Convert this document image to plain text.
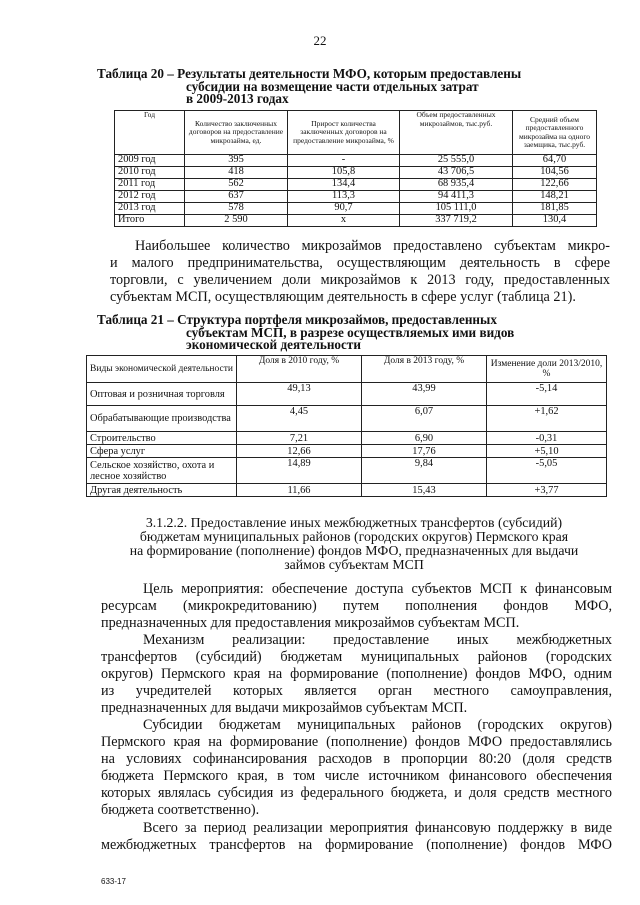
22
Таблица 20 – Результаты деятельности МФО, которым предоставлены
субсидии на возмещение части отдельных затрат
в 2009-2013 годах
Год	Количество заключенных договоров на предоставление микрозайма, ед.	Прирост количества заключенных договоров на предоставление микрозайма, %	Объем предоставленных микрозаймов, тыс.руб.	Средний объем предоставленного микрозайма на одного заемщика, тыс.руб.
2009 год	395	-	25 555,0	64,70
2010 год	418	105,8	43 706,5	104,56
2011 год	562	134,4	68 935,4	122,66
2012 год	637	113,3	94 411,3	148,21
2013 год	578	90,7	105 111,0	181,85
Итого	2 590	x	337 719,2	130,4
Наибольшее количество микрозаймов предоставлено субъектам микро-
и малого предпринимательства, осуществляющим деятельность в сфере
торговли, с увеличением доли микрозаймов к 2013 году, предоставленных
субъектам МСП, осуществляющим деятельность в сфере услуг (таблица 21).
Таблица 21 – Структура портфеля микрозаймов, предоставленных
субъектам МСП, в разрезе осуществляемых ими видов
экономической деятельности
Виды экономической деятельности	Доля в 2010 году, %	Доля в 2013 году, %	Изменение доли 2013/2010, %
Оптовая и розничная торговля	49,13	43,99	-5,14
Обрабатывающие производства	4,45	6,07	+1,62
Строительство	7,21	6,90	-0,31
Сфера услуг	12,66	17,76	+5,10
Сельское хозяйство, охота и лесное хозяйство	14,89	9,84	-5,05
Другая деятельность	11,66	15,43	+3,77
3.1.2.2. Предоставление иных межбюджетных трансфертов (субсидий)
бюджетам муниципальных районов (городских округов) Пермского края
на формирование (пополнение) фондов МФО, предназначенных для выдачи
займов субъектам МСП
Цель мероприятия: обеспечение доступа субъектов МСП к финансовым
ресурсам (микрокредитованию) путем пополнения фондов МФО,
предназначенных для предоставления микрозаймов субъектам МСП.
Механизм реализации: предоставление иных межбюджетных
трансфертов (субсидий) бюджетам муниципальных районов (городских
округов) Пермского края на формирование (пополнение) фондов МФО, одним
из учредителей которых является орган местного самоуправления,
предназначенных для выдачи микрозаймов субъектам МСП.
Субсидии бюджетам муниципальных районов (городских округов)
Пермского края на формирование (пополнение) фондов МФО предоставлялись
на условиях софинансирования расходов в пропорции 80:20 (доля средств
бюджета Пермского края, в том числе источником финансового обеспечения
которых являлась субсидия из федерального бюджета, и доля средств местного
бюджета соответственно).
Всего за период реализации мероприятия финансовую поддержку в виде
межбюджетных трансфертов на формирование (пополнение) фондов МФО
633-17
